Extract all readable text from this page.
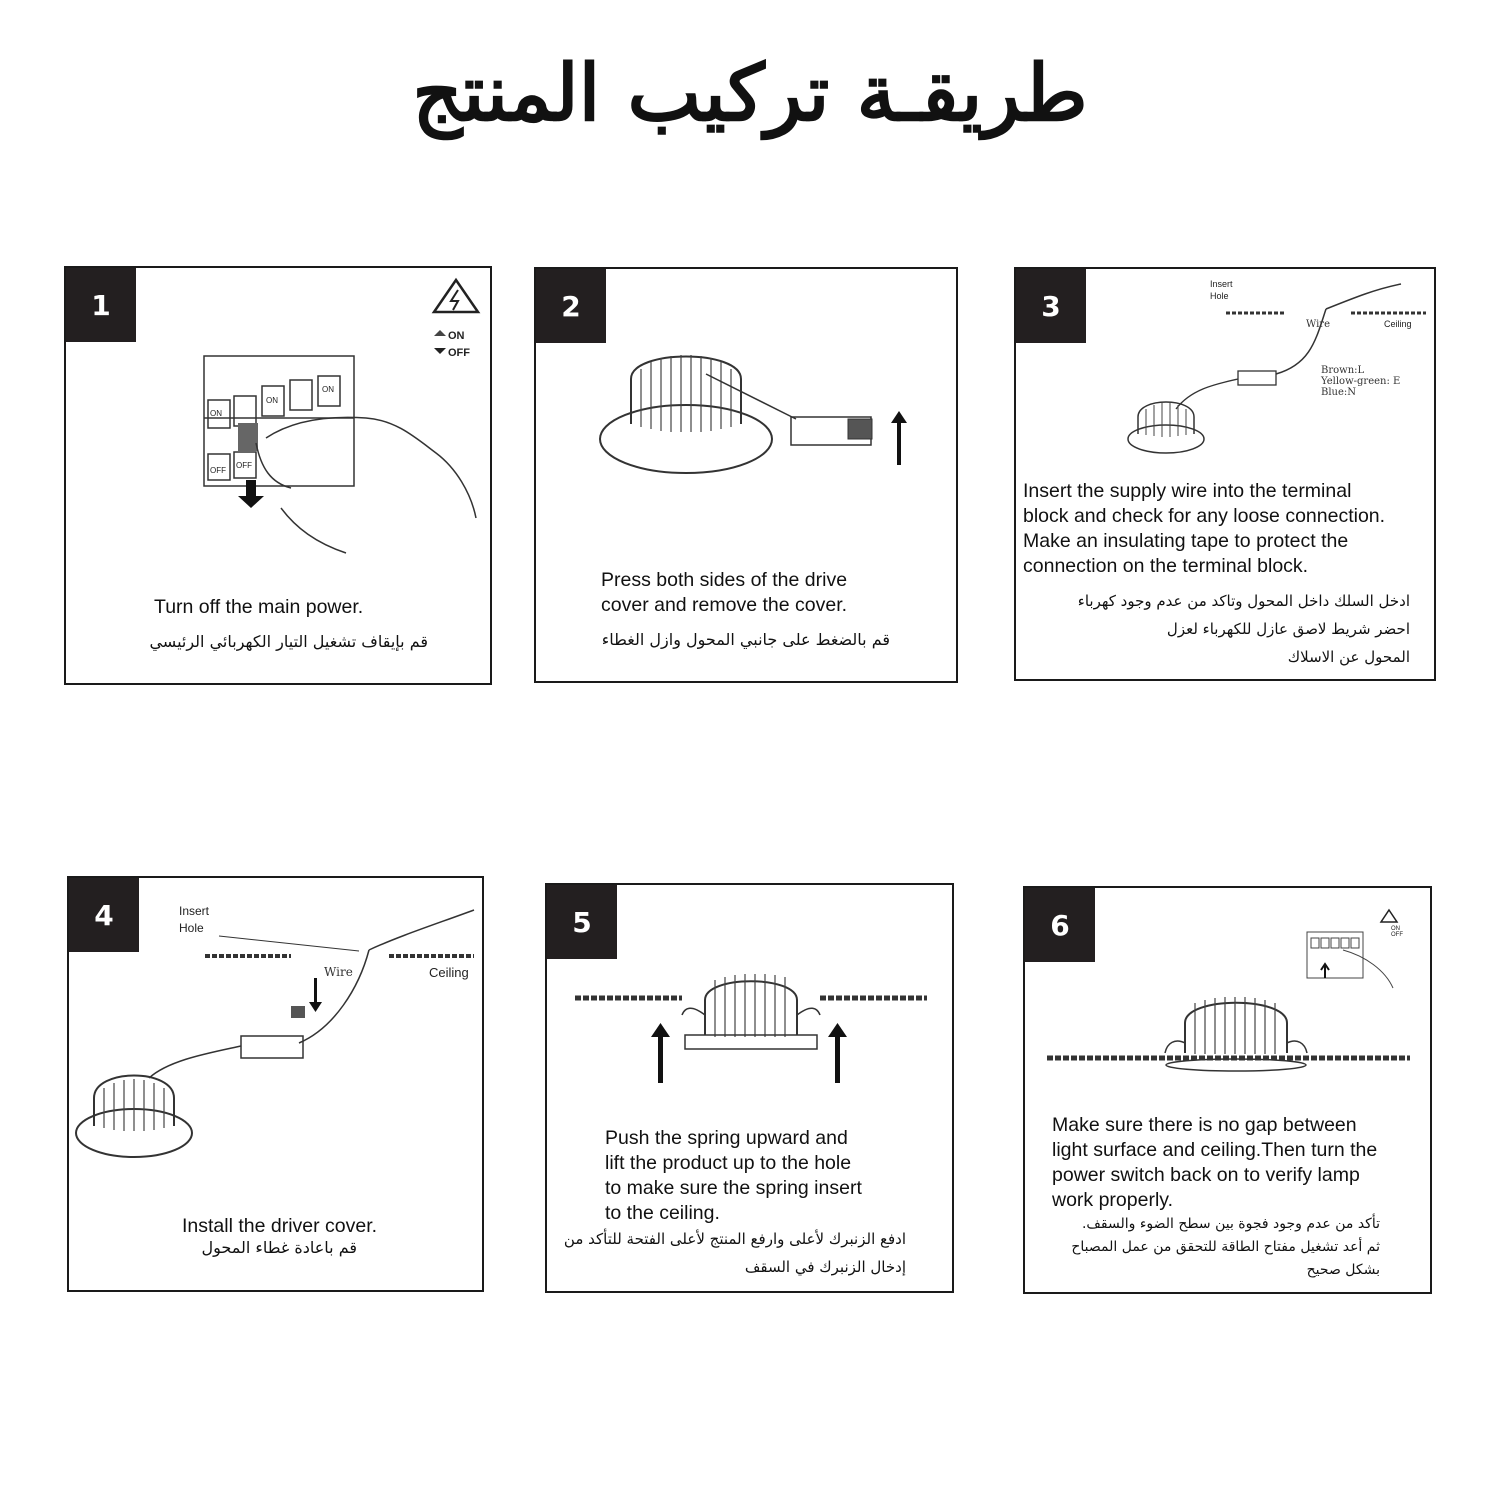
طريقـة تركيب المنتج
1
ON
OFF
ON
ON
ON
OFF
OFF
Turn off the main power.
قم بإيقاف تشغيل التيار الكهربائي الرئيسي
2
Press both sides of the drive
cover and remove the cover.
قم بالضغط على جانبي المحول وازل الغطاء
3
Insert
Hole
Wire	Ceiling
Brown:L
Yellow-green: E
Blue:N
Insert the supply wire into the terminal
block and check for any loose connection.
Make an insulating tape to protect the
connection on the terminal block.
ادخل السلك داخل المحول وتاكد من عدم وجود كهرباء
احضر شريط لاصق عازل للكهرباء لعزل
المحول عن الاسلاك
4	Insert
Hole
Wire	Ceiling
Install the driver cover.
قم باعادة غطاء المحول
5
Push the spring upward and
lift the product up to the hole
to make sure the spring insert
to the ceiling.
ادفع الزنبرك لأعلى وارفع المنتج لأعلى الفتحة للتأكد من
إدخال الزنبرك في السقف
6	ON
OFF
Make sure there is no gap between
light surface and ceiling.Then turn the
power switch back on to verify lamp
work properly.
تأكد من عدم وجود فجوة بين سطح الضوء والسقف.
ثم أعد تشغيل مفتاح الطاقة للتحقق من عمل المصباح
بشكل صحيح
